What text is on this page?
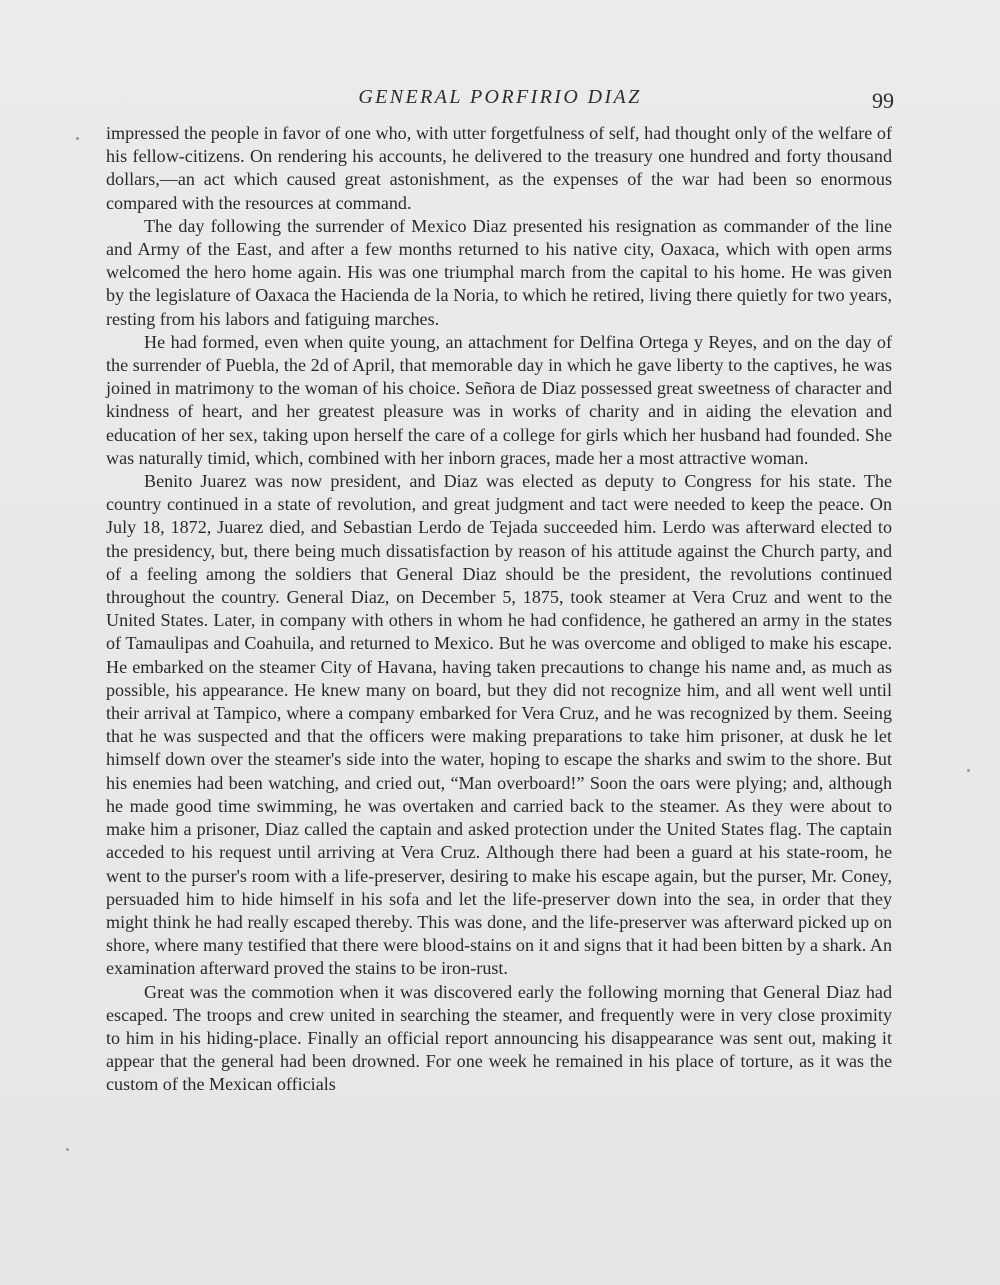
GENERAL PORFIRIO DIAZ	99

impressed the people in favor of one who, with utter forgetfulness of self, had thought only of the welfare of his fellow-citizens. On rendering his accounts, he delivered to the treasury one hundred and forty thousand dollars,—an act which caused great astonishment, as the expenses of the war had been so enormous compared with the resources at command.

The day following the surrender of Mexico Diaz presented his resignation as commander of the line and Army of the East, and after a few months returned to his native city, Oaxaca, which with open arms welcomed the hero home again. His was one triumphal march from the capital to his home. He was given by the legislature of Oaxaca the Hacienda de la Noria, to which he retired, living there quietly for two years, resting from his labors and fatiguing marches.

He had formed, even when quite young, an attachment for Delfina Ortega y Reyes, and on the day of the surrender of Puebla, the 2d of April, that memorable day in which he gave liberty to the captives, he was joined in matrimony to the woman of his choice. Señora de Diaz possessed great sweetness of character and kindness of heart, and her greatest pleasure was in works of charity and in aiding the elevation and education of her sex, taking upon herself the care of a college for girls which her husband had founded. She was naturally timid, which, combined with her inborn graces, made her a most attractive woman.

Benito Juarez was now president, and Diaz was elected as deputy to Congress for his state. The country continued in a state of revolution, and great judgment and tact were needed to keep the peace. On July 18, 1872, Juarez died, and Sebastian Lerdo de Tejada succeeded him. Lerdo was afterward elected to the presidency, but, there being much dissatisfaction by reason of his attitude against the Church party, and of a feeling among the soldiers that General Diaz should be the president, the revolutions continued throughout the country. General Diaz, on December 5, 1875, took steamer at Vera Cruz and went to the United States. Later, in company with others in whom he had confidence, he gathered an army in the states of Tamaulipas and Coahuila, and returned to Mexico. But he was overcome and obliged to make his escape. He embarked on the steamer City of Havana, having taken precautions to change his name and, as much as possible, his appearance. He knew many on board, but they did not recognize him, and all went well until their arrival at Tampico, where a company embarked for Vera Cruz, and he was recognized by them. Seeing that he was suspected and that the officers were making preparations to take him prisoner, at dusk he let himself down over the steamer's side into the water, hoping to escape the sharks and swim to the shore. But his enemies had been watching, and cried out, “Man overboard!” Soon the oars were plying; and, although he made good time swimming, he was overtaken and carried back to the steamer. As they were about to make him a prisoner, Diaz called the captain and asked protection under the United States flag. The captain acceded to his request until arriving at Vera Cruz. Although there had been a guard at his state-room, he went to the purser's room with a life-preserver, desiring to make his escape again, but the purser, Mr. Coney, persuaded him to hide himself in his sofa and let the life-preserver down into the sea, in order that they might think he had really escaped thereby. This was done, and the life-preserver was afterward picked up on shore, where many testified that there were blood-stains on it and signs that it had been bitten by a shark. An examination afterward proved the stains to be iron-rust.

Great was the commotion when it was discovered early the following morning that General Diaz had escaped. The troops and crew united in searching the steamer, and frequently were in very close proximity to him in his hiding-place. Finally an official report announcing his disappearance was sent out, making it appear that the general had been drowned. For one week he remained in his place of torture, as it was the custom of the Mexican officials
